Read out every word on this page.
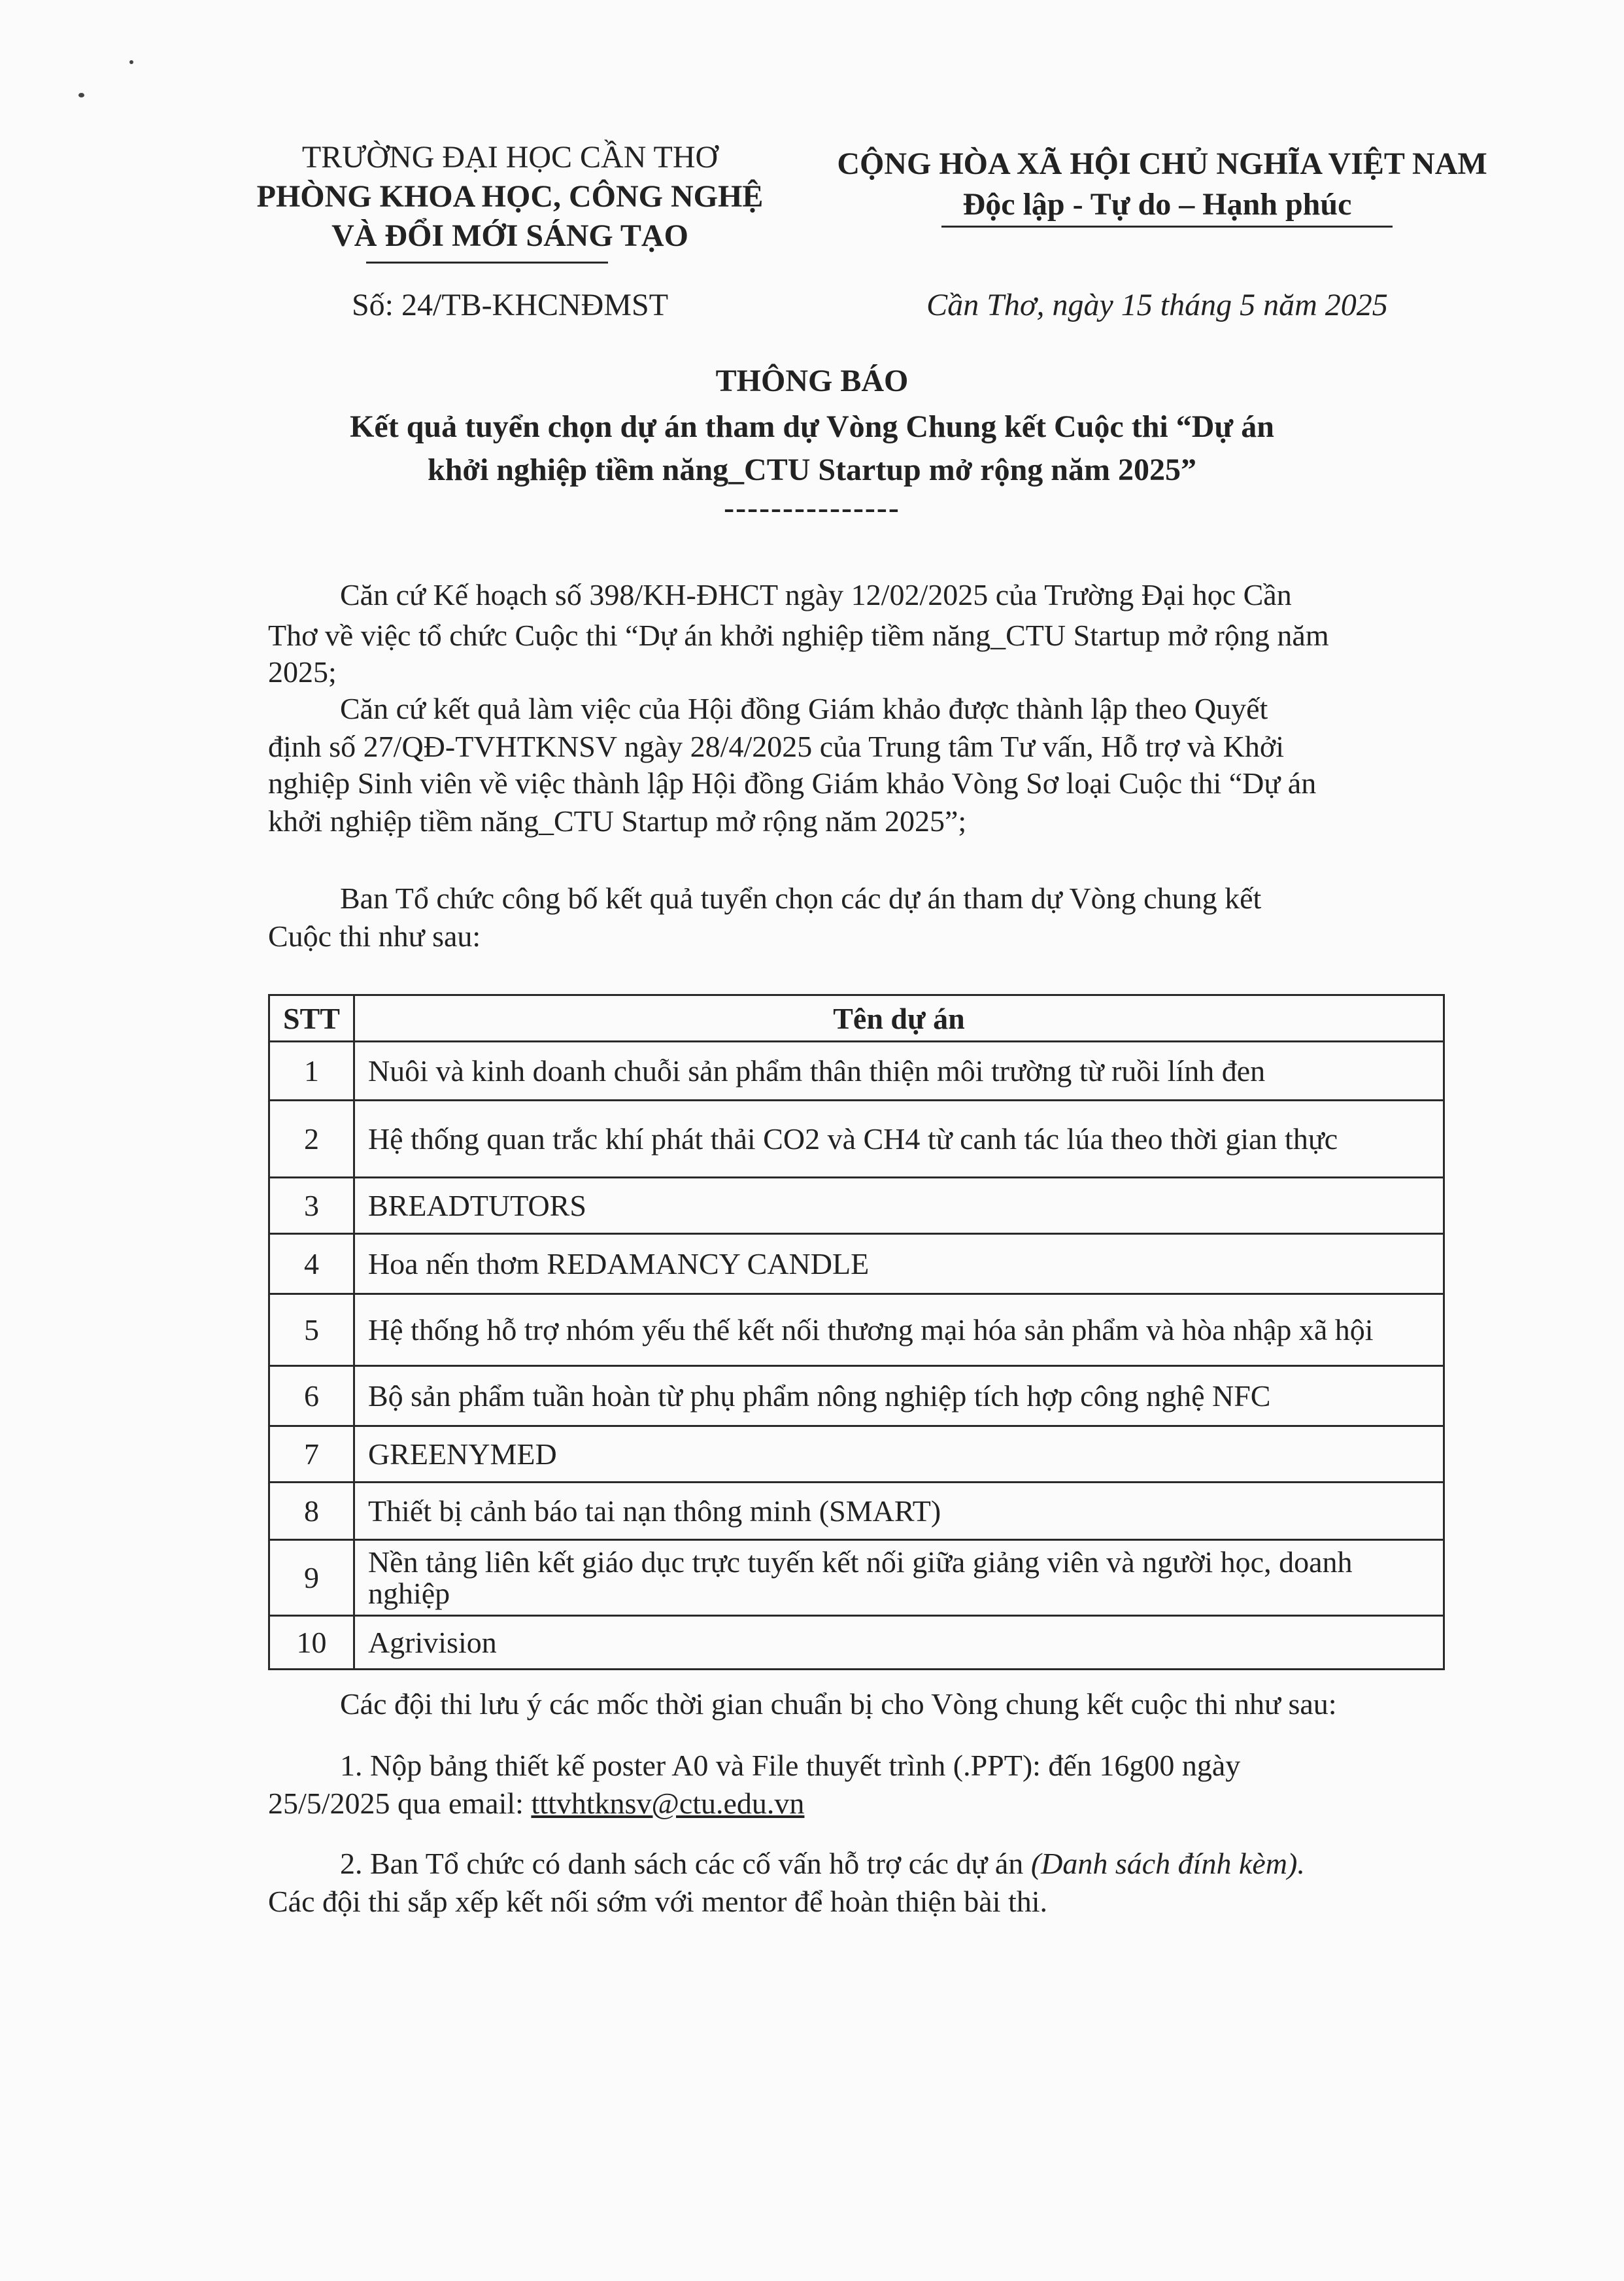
TRƯỜNG ĐẠI HỌC CẦN THƠ
PHÒNG KHOA HỌC, CÔNG NGHỆ
VÀ ĐỔI MỚI SÁNG TẠO
Số: 24/TB-KHCNĐMST
CỘNG HÒA XÃ HỘI CHỦ NGHĨA VIỆT NAM
Độc lập - Tự do – Hạnh phúc
Cần Thơ, ngày 15 tháng 5 năm 2025
THÔNG BÁO
Kết quả tuyển chọn dự án tham dự Vòng Chung kết Cuộc thi “Dự án
khởi nghiệp tiềm năng_CTU Startup mở rộng năm 2025”
---------------
Căn cứ Kế hoạch số 398/KH-ĐHCT ngày 12/02/2025 của Trường Đại học Cần
Thơ về việc tổ chức Cuộc thi “Dự án khởi nghiệp tiềm năng_CTU Startup mở rộng năm
2025;
Căn cứ kết quả làm việc của Hội đồng Giám khảo được thành lập theo Quyết
định số 27/QĐ-TVHTKNSV ngày 28/4/2025 của Trung tâm Tư vấn, Hỗ trợ và Khởi
nghiệp Sinh viên về việc thành lập Hội đồng Giám khảo Vòng Sơ loại Cuộc thi “Dự án
khởi nghiệp tiềm năng_CTU Startup mở rộng năm 2025”;
Ban Tổ chức công bố kết quả tuyển chọn các dự án tham dự Vòng chung kết
Cuộc thi như sau:
STT	Tên dự án
1	Nuôi và kinh doanh chuỗi sản phẩm thân thiện môi trường từ ruồi lính đen
2	Hệ thống quan trắc khí phát thải CO2 và CH4 từ canh tác lúa theo thời gian thực
3	BREADTUTORS
4	Hoa nến thơm REDAMANCY CANDLE
5	Hệ thống hỗ trợ nhóm yếu thế kết nối thương mại hóa sản phẩm và hòa nhập xã hội
6	Bộ sản phẩm tuần hoàn từ phụ phẩm nông nghiệp tích hợp công nghệ NFC
7	GREENYMED
8	Thiết bị cảnh báo tai nạn thông minh (SMART)
9	Nền tảng liên kết giáo dục trực tuyến kết nối giữa giảng viên và người học, doanh nghiệp
10	Agrivision
Các đội thi lưu ý các mốc thời gian chuẩn bị cho Vòng chung kết cuộc thi như sau:
1. Nộp bảng thiết kế poster A0 và File thuyết trình (.PPT): đến 16g00 ngày
25/5/2025 qua email: tttvhtknsv@ctu.edu.vn
2. Ban Tổ chức có danh sách các cố vấn hỗ trợ các dự án (Danh sách đính kèm).
Các đội thi sắp xếp kết nối sớm với mentor để hoàn thiện bài thi.
